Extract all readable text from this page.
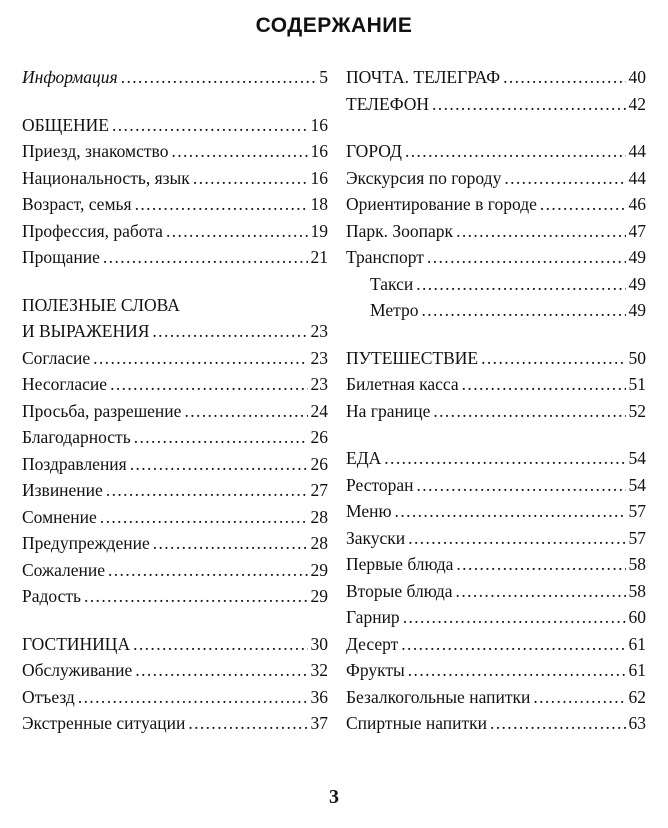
СОДЕРЖАНИЕ
Информация .....	5
ОБЩЕНИЕ .....	16
Приезд, знакомство .....	16
Национальность, язык .....	16
Возраст, семья .....	18
Профессия, работа .....	19
Прощание .....	21
ПОЛЕЗНЫЕ СЛОВА
И ВЫРАЖЕНИЯ .....	23
Согласие .....	23
Несогласие .....	23
Просьба, разрешение .....	24
Благодарность .....	26
Поздравления .....	26
Извинение .....	27
Сомнение .....	28
Предупреждение .....	28
Сожаление .....	29
Радость .....	29
ГОСТИНИЦА .....	30
Обслуживание .....	32
Отъезд .....	36
Экстренные ситуации .....	37
ПОЧТА. ТЕЛЕГРАФ .....	40
ТЕЛЕФОН .....	42
ГОРОД .....	44
Экскурсия по городу .....	44
Ориентирование в городе .....	46
Парк. Зоопарк .....	47
Транспорт .....	49
Такси .....	49
Метро .....	49
ПУТЕШЕСТВИЕ .....	50
Билетная касса .....	51
На границе .....	52
ЕДА .....	54
Ресторан .....	54
Меню .....	57
Закуски .....	57
Первые блюда .....	58
Вторые блюда .....	58
Гарнир .....	60
Десерт .....	61
Фрукты .....	61
Безалкогольные напитки .....	62
Спиртные напитки .....	63
3
